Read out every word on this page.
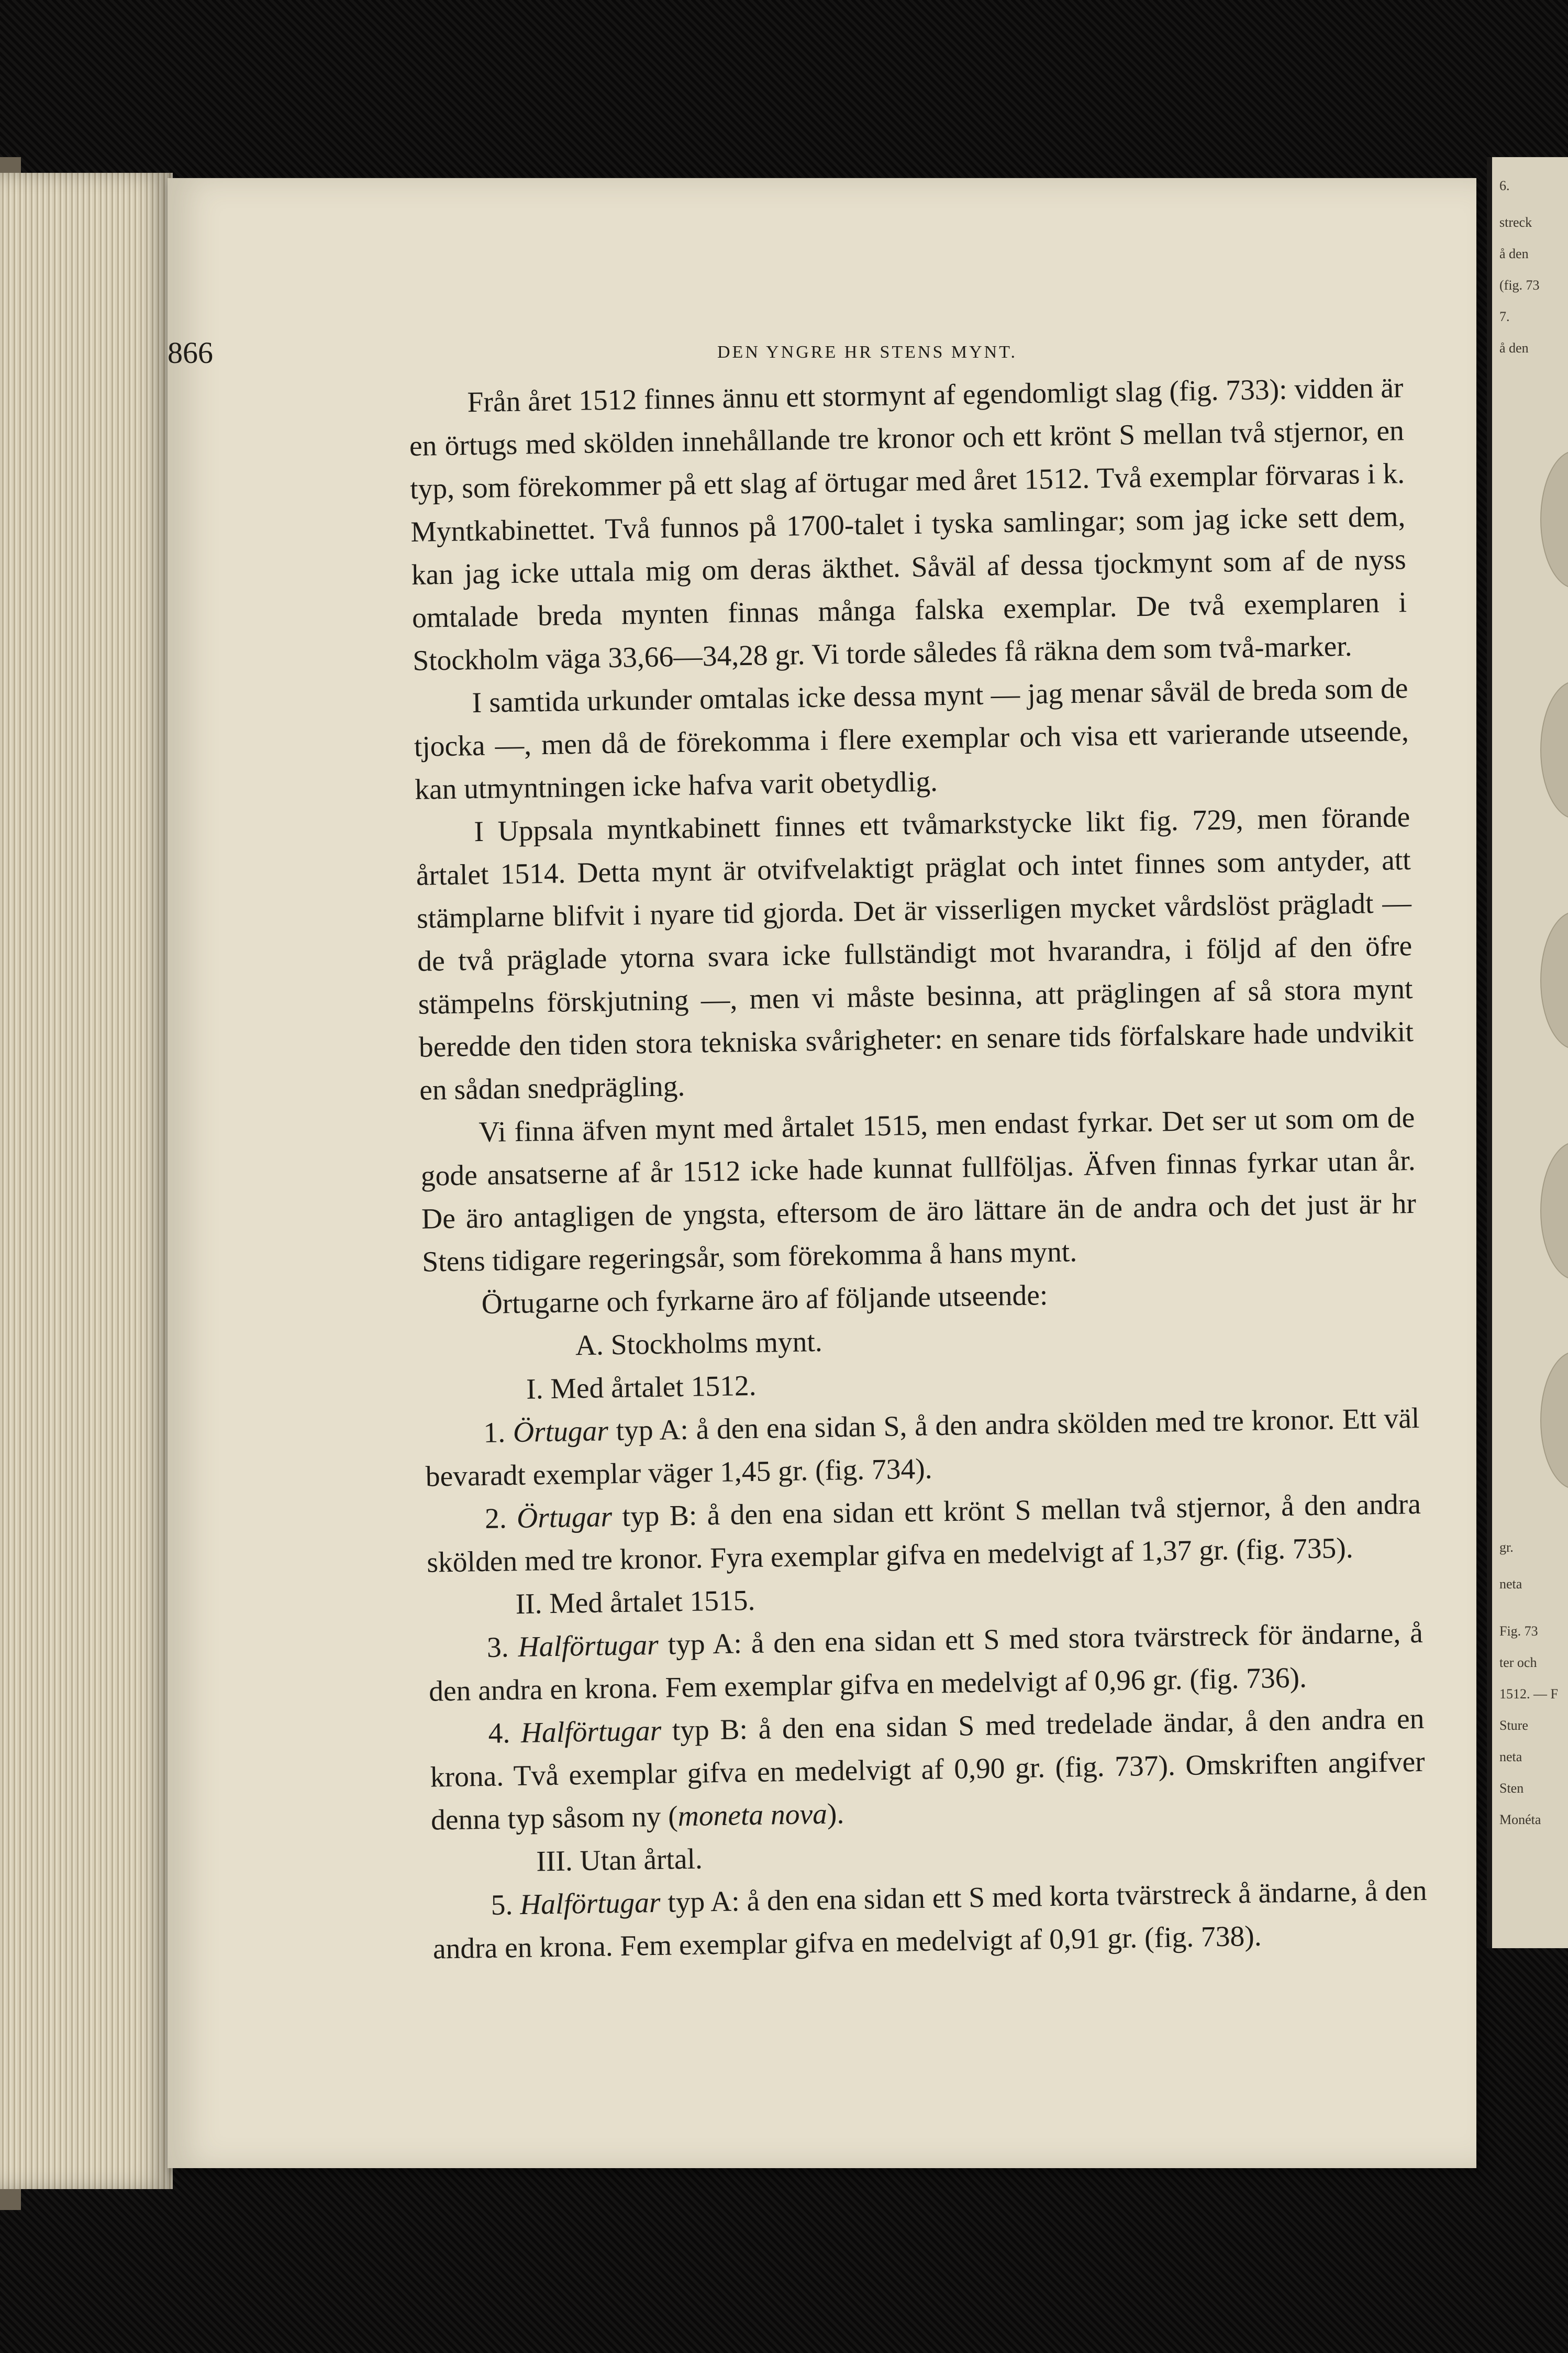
6.
streck
å den
(fig. 73
7.
å den
gr.
neta
Fig. 73
ter och
1512. — F
Sture
neta
Sten
Monéta
866	DEN YNGRE HR STENS MYNT.

Från året 1512 finnes ännu ett stormynt af egendomligt slag (fig. 733): vidden är en örtugs med skölden innehållande tre kronor och ett krönt S mellan två stjernor, en typ, som förekommer på ett slag af örtugar med året 1512. Två exemplar förvaras i k. Myntkabinettet. Två funnos på 1700-talet i tyska samlingar; som jag icke sett dem, kan jag icke uttala mig om deras äkthet. Såväl af dessa tjockmynt som af de nyss omtalade breda mynten finnas många falska exemplar. De två exemplaren i Stockholm väga 33,66—34,28 gr. Vi torde således få räkna dem som två-marker.

I samtida urkunder omtalas icke dessa mynt — jag menar såväl de breda som de tjocka —, men då de förekomma i flere exemplar och visa ett varierande utseende, kan utmyntningen icke hafva varit obetydlig.

I Uppsala myntkabinett finnes ett tvåmarkstycke likt fig. 729, men förande årtalet 1514. Detta mynt är otvifvelaktigt präglat och intet finnes som antyder, att stämplarne blifvit i nyare tid gjorda. Det är visserligen mycket vårdslöst prägladt — de två präglade ytorna svara icke fullständigt mot hvarandra, i följd af den öfre stämpelns förskjutning —, men vi måste besinna, att präglingen af så stora mynt beredde den tiden stora tekniska svårigheter: en senare tids förfalskare hade undvikit en sådan snedprägling.

Vi finna äfven mynt med årtalet 1515, men endast fyrkar. Det ser ut som om de gode ansatserne af år 1512 icke hade kunnat fullföljas. Äfven finnas fyrkar utan år. De äro antagligen de yngsta, eftersom de äro lättare än de andra och det just är hr Stens tidigare regeringsår, som förekomma å hans mynt.

Örtugarne och fyrkarne äro af följande utseende:

A. Stockholms mynt.

I. Med årtalet 1512.

1. Örtugar typ A: å den ena sidan S, å den andra skölden med tre kronor. Ett väl bevaradt exemplar väger 1,45 gr. (fig. 734).

2. Örtugar typ B: å den ena sidan ett krönt S mellan två stjernor, å den andra skölden med tre kronor. Fyra exemplar gifva en medelvigt af 1,37 gr. (fig. 735).

II. Med årtalet 1515.

3. Halförtugar typ A: å den ena sidan ett S med stora tvärstreck för ändarne, å den andra en krona. Fem exemplar gifva en medelvigt af 0,96 gr. (fig. 736).

4. Halförtugar typ B: å den ena sidan S med tredelade ändar, å den andra en krona. Två exemplar gifva en medelvigt af 0,90 gr. (fig. 737). Omskriften angifver denna typ såsom ny (moneta nova).

III. Utan årtal.

5. Halförtugar typ A: å den ena sidan ett S med korta tvärstreck å ändarne, å den andra en krona. Fem exemplar gifva en medelvigt af 0,91 gr. (fig. 738).
